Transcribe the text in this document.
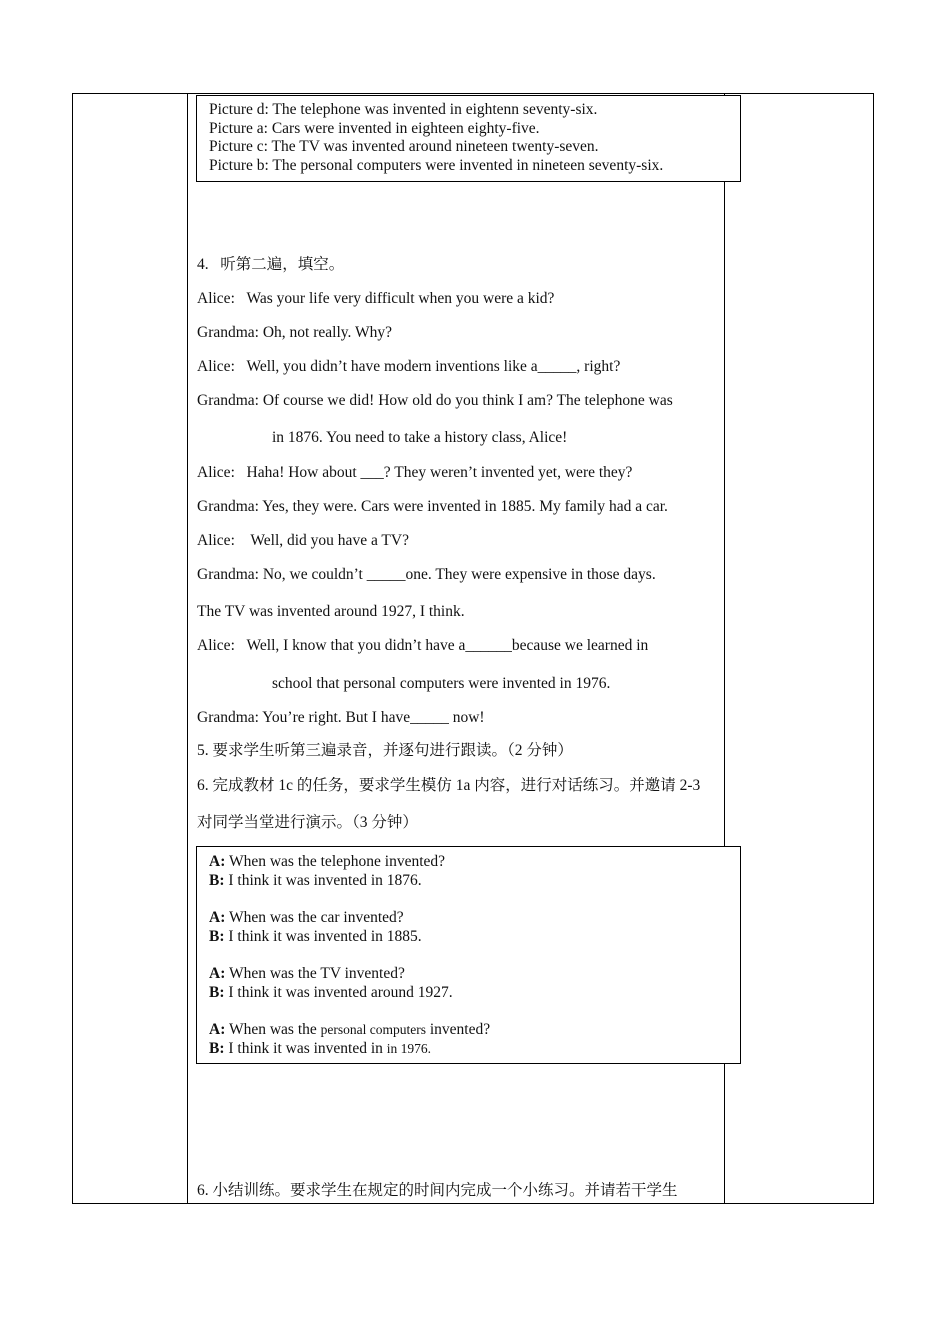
Picture d: The telephone was invented in eightenn seventy-six.
Picture a: Cars were invented in eighteen eighty-five.
Picture c: The TV was invented around nineteen twenty-seven.
Picture b: The personal computers were invented in nineteen seventy-six.
4.   听第二遍，填空。
Alice:   Was your life very difficult when you were a kid?
Grandma: Oh, not really. Why?
Alice:   Well, you didn’t have modern inventions like a_____, right?
Grandma: Of course we did! How old do you think I am? The telephone was
in 1876. You need to take a history class, Alice!
Alice:   Haha! How about ___? They weren’t invented yet, were they?
Grandma: Yes, they were. Cars were invented in 1885. My family had a car.
Alice:    Well, did you have a TV?
Grandma: No, we couldn’t _____one. They were expensive in those days.
The TV was invented around 1927, I think.
Alice:   Well, I know that you didn’t have a______because we learned in
school that personal computers were invented in 1976.
Grandma: You’re right. But I have_____ now!
5. 要求学生听第三遍录音，并逐句进行跟读。（2 分钟）
6. 完成教材 1c 的任务，要求学生模仿 1a 内容，进行对话练习。并邀请 2-3
对同学当堂进行演示。（3 分钟）
A: When was the telephone invented?
B: I think it was invented in 1876.
A: When was the car invented?
B: I think it was invented in 1885.
A: When was the TV invented?
B: I think it was invented around 1927.
A: When was the personal computers invented?
B: I think it was invented in in 1976.
6. 小结训练。要求学生在规定的时间内完成一个小练习。并请若干学生
